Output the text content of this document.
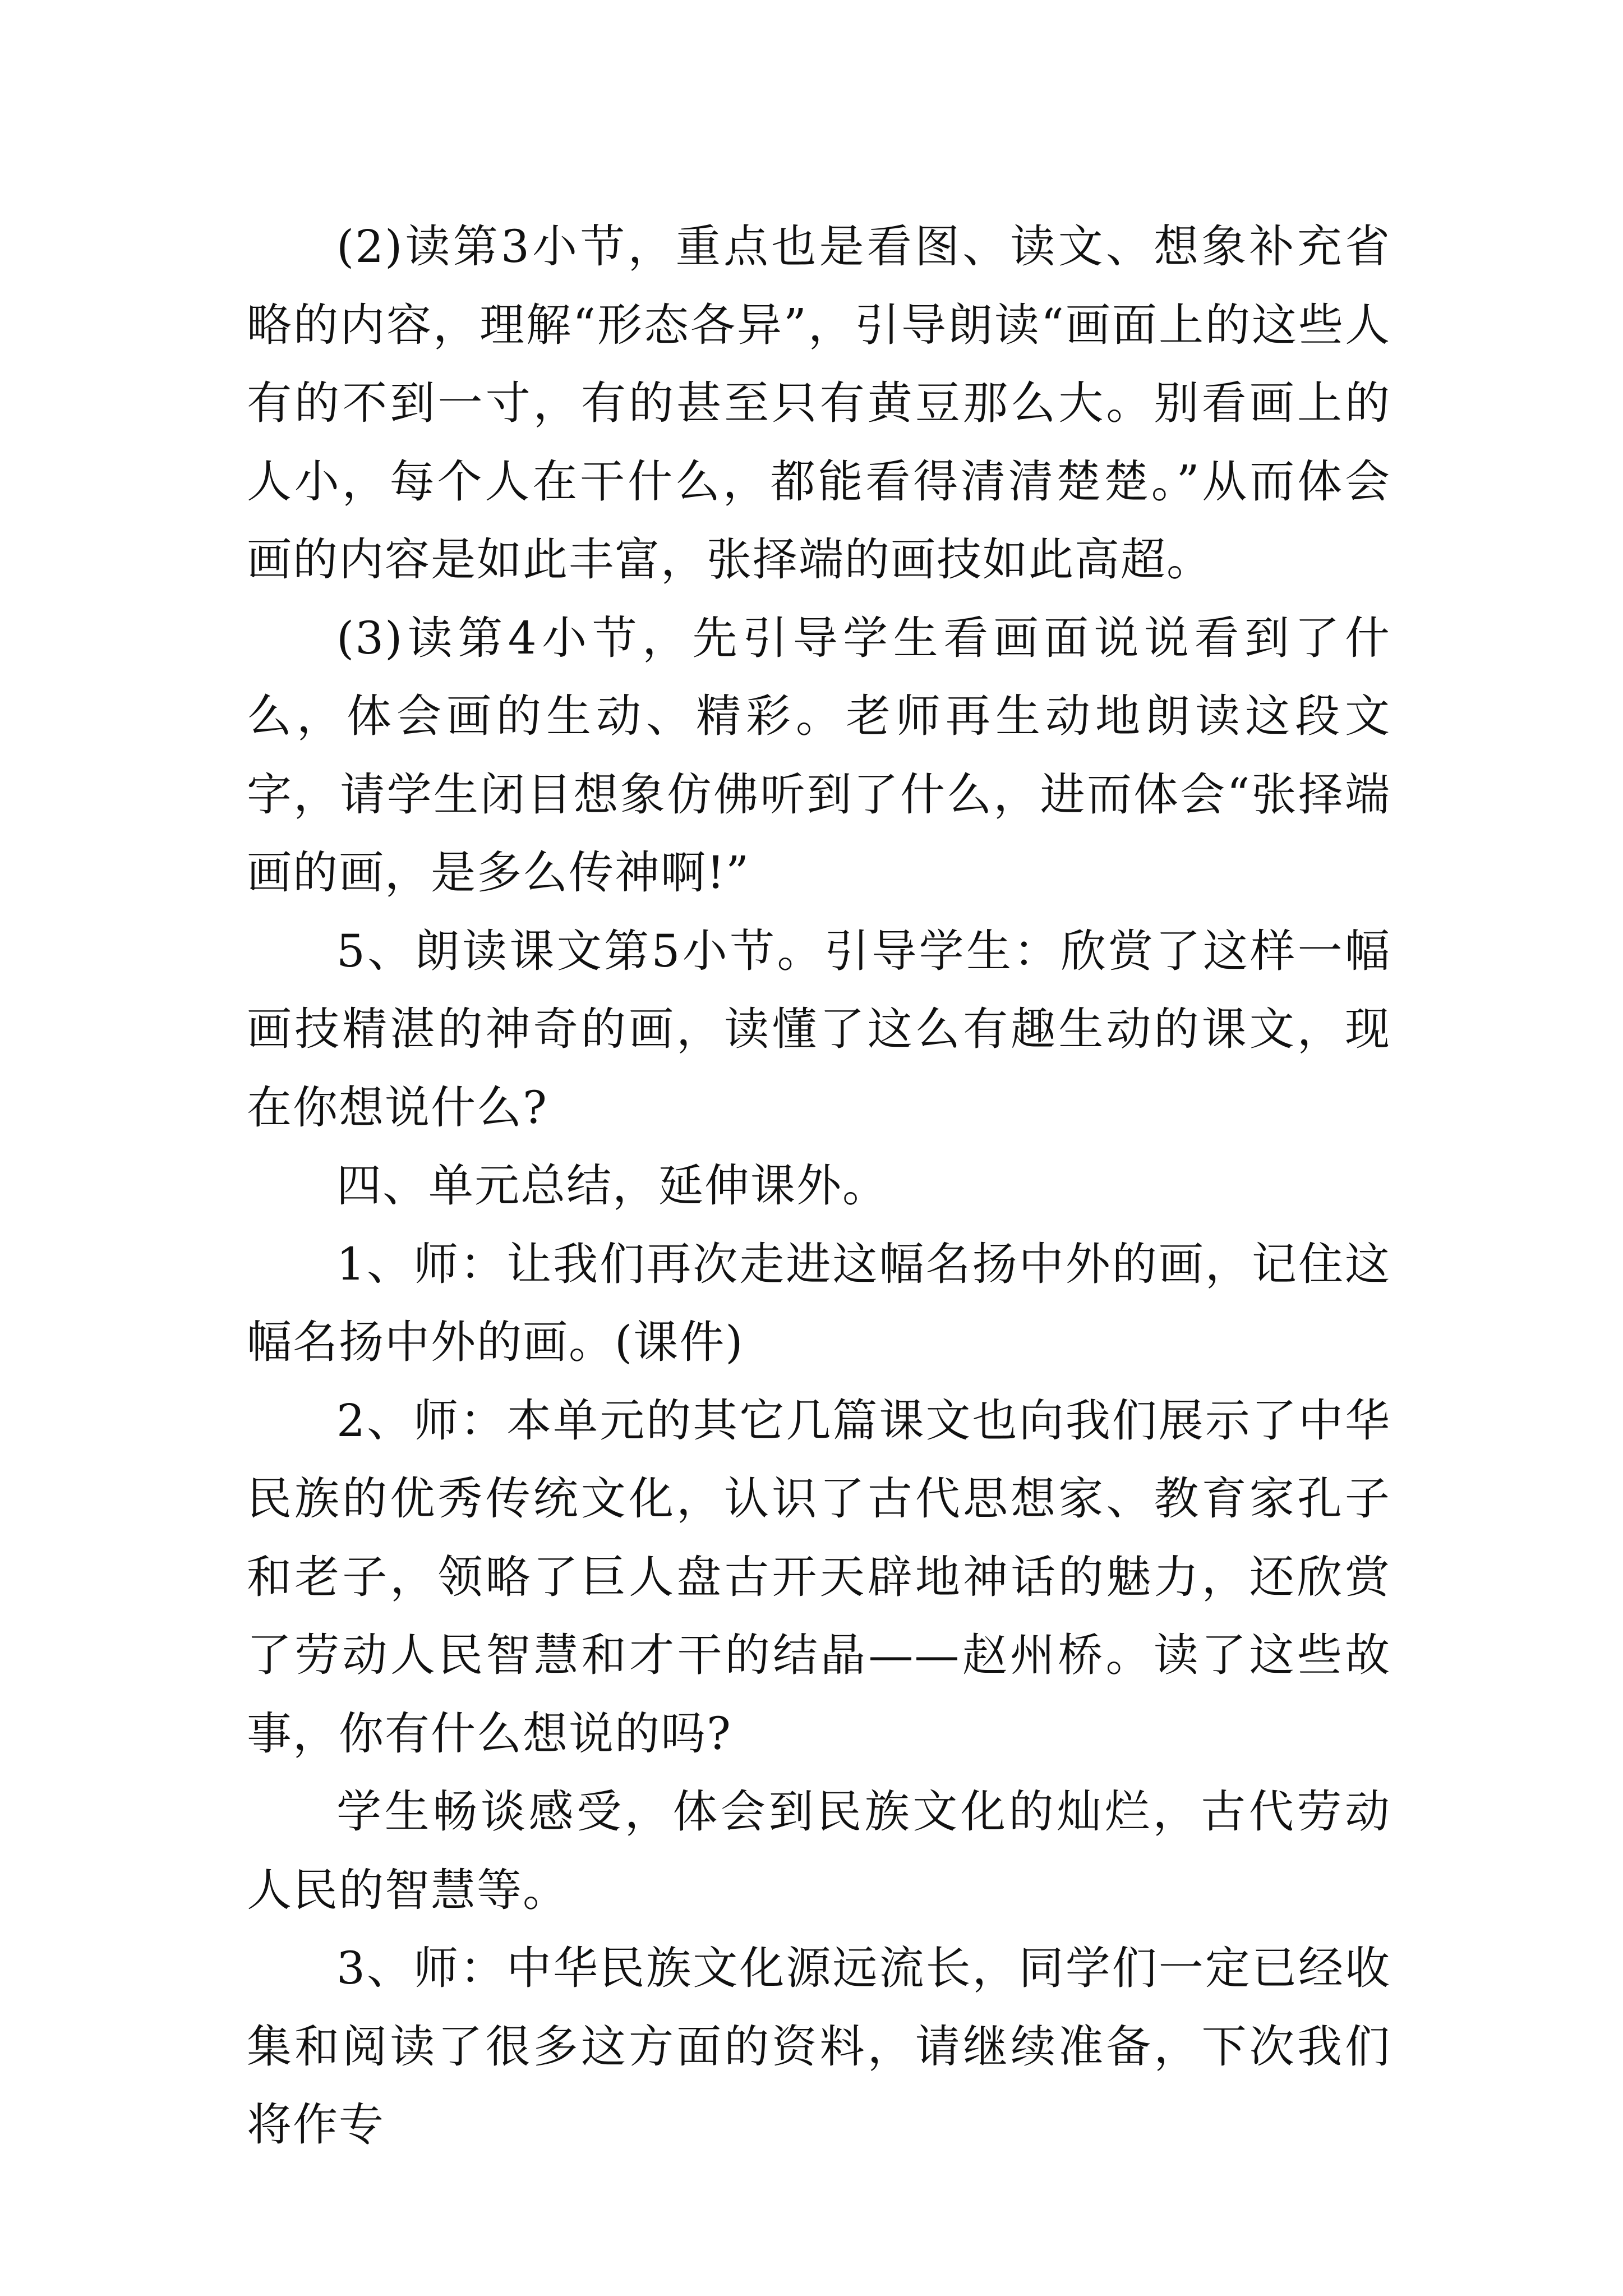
(2)读第3小节，重点也是看图、读文、想象补充省略的内容，理解“形态各异”，引导朗读“画面上的这些人有的不到一寸，有的甚至只有黄豆那么大。别看画上的人小，每个人在干什么，都能看得清清楚楚。”从而体会画的内容是如此丰富，张择端的画技如此高超。

(3)读第4小节，先引导学生看画面说说看到了什么，体会画的生动、精彩。老师再生动地朗读这段文字，请学生闭目想象仿佛听到了什么，进而体会“张择端画的画，是多么传神啊!”

5、朗读课文第5小节。引导学生：欣赏了这样一幅画技精湛的神奇的画，读懂了这么有趣生动的课文，现在你想说什么?

四、单元总结，延伸课外。

1、师：让我们再次走进这幅名扬中外的画，记住这幅名扬中外的画。(课件)

2、师：本单元的其它几篇课文也向我们展示了中华民族的优秀传统文化，认识了古代思想家、教育家孔子和老子，领略了巨人盘古开天辟地神话的魅力，还欣赏了劳动人民智慧和才干的结晶——赵州桥。读了这些故事，你有什么想说的吗?

学生畅谈感受，体会到民族文化的灿烂，古代劳动人民的智慧等。

3、师：中华民族文化源远流长，同学们一定已经收集和阅读了很多这方面的资料，请继续准备，下次我们将作专
